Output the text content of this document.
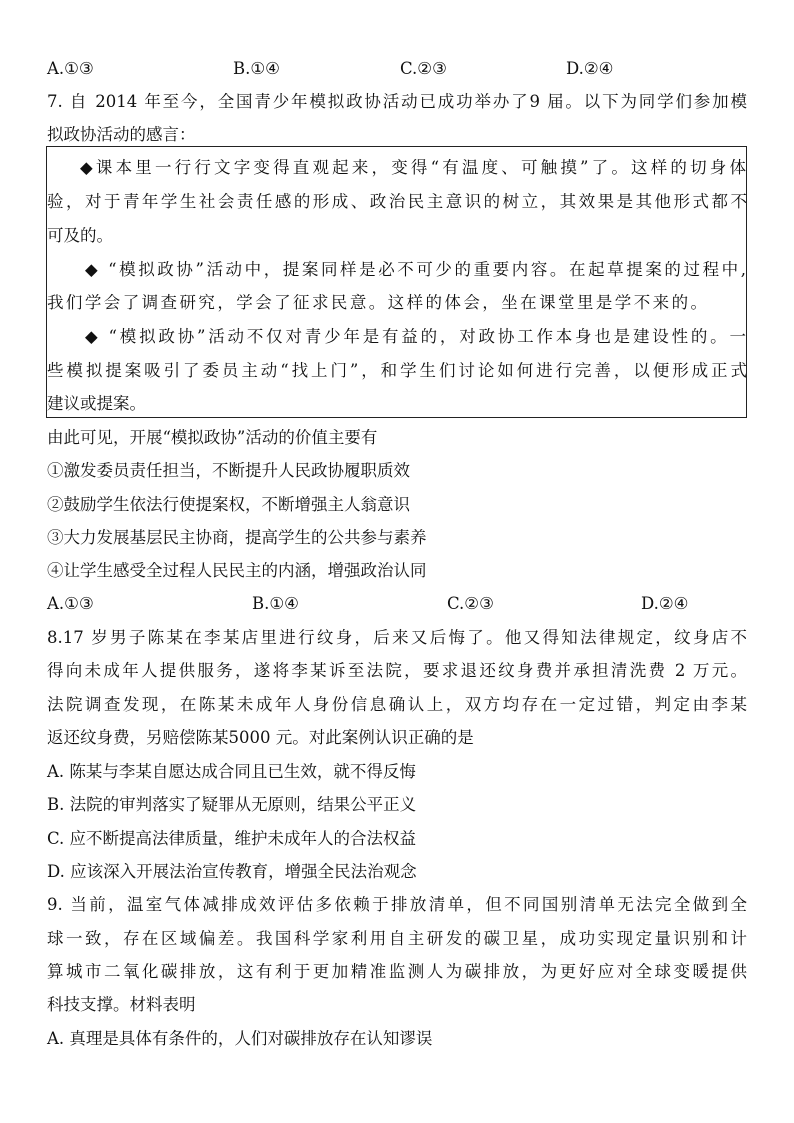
A.①③	B.①④	C.②③	D.②④
7. 自 2014 年至今，全国青少年模拟政协活动已成功举办了9 届。以下为同学们参加模
拟政协活动的感言：
◆课本里一行行文字变得直观起来，变得“有温度、可触摸”了。这样的切身体
验，对于青年学生社会责任感的形成、政治民主意识的树立，其效果是其他形式都不
可及的。
◆ “模拟政协”活动中，提案同样是必不可少的重要内容。在起草提案的过程中,
我们学会了调查研究，学会了征求民意。这样的体会，坐在课堂里是学不来的。
◆ “模拟政协”活动不仅对青少年是有益的，对政协工作本身也是建设性的。一
些模拟提案吸引了委员主动“找上门”，和学生们讨论如何进行完善，以便形成正式
建议或提案。
由此可见，开展“模拟政协”活动的价值主要有
①激发委员责任担当，不断提升人民政协履职质效
②鼓励学生依法行使提案权，不断增强主人翁意识
③大力发展基层民主协商，提高学生的公共参与素养
④让学生感受全过程人民民主的内涵，增强政治认同
A.①③	B.①④	C.②③	D.②④
8.17 岁男子陈某在李某店里进行纹身，后来又后悔了。他又得知法律规定，纹身店不
得向未成年人提供服务，遂将李某诉至法院，要求退还纹身费并承担清洗费 2 万元。
法院调查发现，在陈某未成年人身份信息确认上，双方均存在一定过错，判定由李某
返还纹身费，另赔偿陈某5000 元。对此案例认识正确的是
A. 陈某与李某自愿达成合同且已生效，就不得反悔
B. 法院的审判落实了疑罪从无原则，结果公平正义
C. 应不断提高法律质量，维护未成年人的合法权益
D. 应该深入开展法治宣传教育，增强全民法治观念
9. 当前，温室气体减排成效评估多依赖于排放清单，但不同国别清单无法完全做到全
球一致，存在区域偏差。我国科学家利用自主研发的碳卫星，成功实现定量识别和计
算城市二氧化碳排放，这有利于更加精准监测人为碳排放，为更好应对全球变暖提供
科技支撑。材料表明
A. 真理是具体有条件的，人们对碳排放存在认知谬误
